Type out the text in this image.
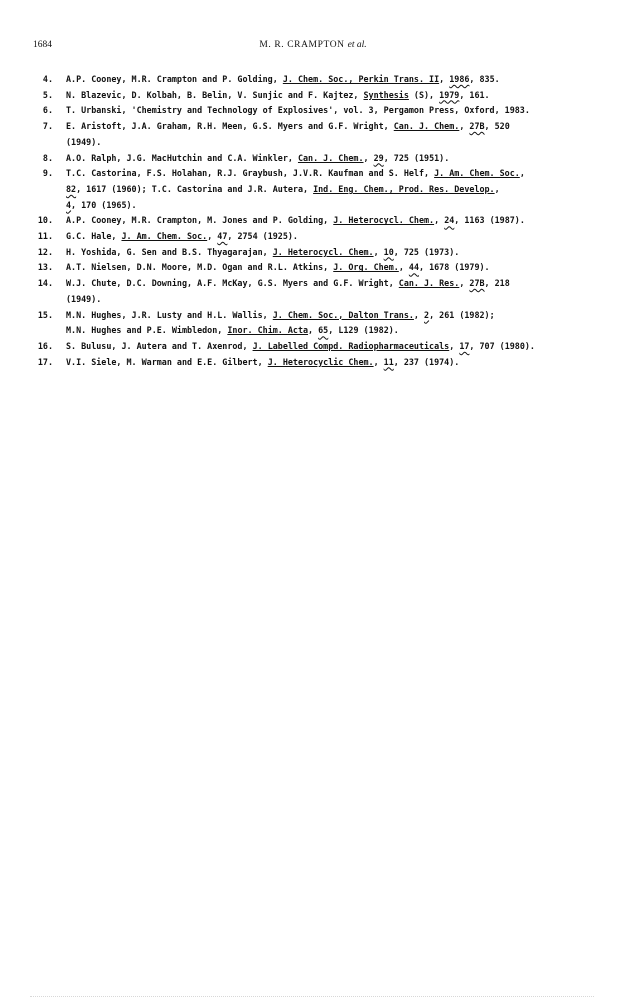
1684	M. R. CRAMPTON et al.
4. A.P. Cooney, M.R. Crampton and P. Golding, J. Chem. Soc., Perkin Trans. II, 1986, 835.
5. N. Blazevic, D. Kolbah, B. Belin, V. Sunjic and F. Kajtez, Synthesis (S), 1979, 161.
6. T. Urbanski, 'Chemistry and Technology of Explosives', vol. 3, Pergamon Press, Oxford, 1983.
7. E. Aristoft, J.A. Graham, R.H. Meen, G.S. Myers and G.F. Wright, Can. J. Chem., 27B, 520
(1949).
8. A.O. Ralph, J.G. MacHutchin and C.A. Winkler, Can. J. Chem., 29, 725 (1951).
9. T.C. Castorina, F.S. Holahan, R.J. Graybush, J.V.R. Kaufman and S. Helf, J. Am. Chem. Soc.,
82, 1617 (1960); T.C. Castorina and J.R. Autera, Ind. Eng. Chem., Prod. Res. Develop.,
4, 170 (1965).
10. A.P. Cooney, M.R. Crampton, M. Jones and P. Golding, J. Heterocycl. Chem., 24, 1163 (1987).
11. G.C. Hale, J. Am. Chem. Soc., 47, 2754 (1925).
12. H. Yoshida, G. Sen and B.S. Thyagarajan, J. Heterocycl. Chem., 10, 725 (1973).
13. A.T. Nielsen, D.N. Moore, M.D. Ogan and R.L. Atkins, J. Org. Chem., 44, 1678 (1979).
14. W.J. Chute, D.C. Downing, A.F. McKay, G.S. Myers and G.F. Wright, Can. J. Res., 27B, 218
(1949).
15. M.N. Hughes, J.R. Lusty and H.L. Wallis, J. Chem. Soc., Dalton Trans., 2, 261 (1982);
M.N. Hughes and P.E. Wimbledon, Inor. Chim. Acta, 65, L129 (1982).
16. S. Bulusu, J. Autera and T. Axenrod, J. Labelled Compd. Radiopharmaceuticals, 17, 707 (1980).
17. V.I. Siele, M. Warman and E.E. Gilbert, J. Heterocyclic Chem., 11, 237 (1974).
